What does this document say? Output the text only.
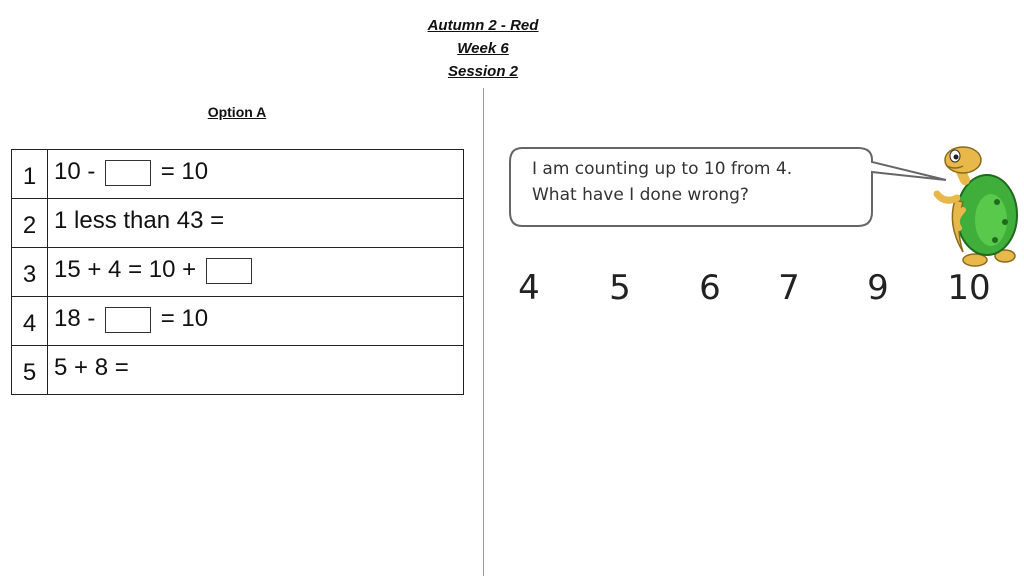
Autumn 2 - Red
Week 6
Session 2
Option A
1	10 -  = 10
2	1 less than 43 =
3	15 + 4 = 10 +
4	18 -  = 10
5	5 + 8 =
I am counting up to 10 from 4.
What have I done wrong?
4 5 6 7 9 10
